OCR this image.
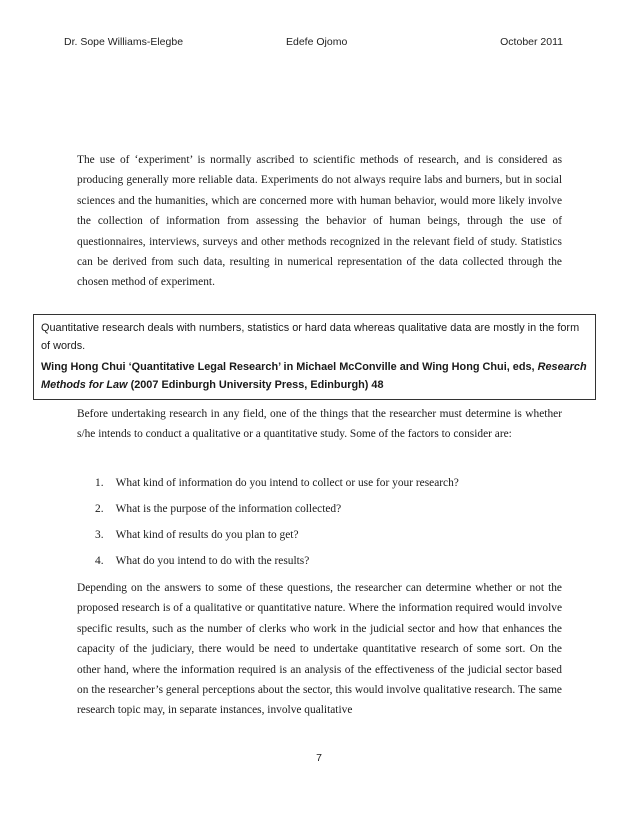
Dr. Sope Williams-Elegbe	Edefe Ojomo	October 2011

The use of ‘experiment’ is normally ascribed to scientific methods of research, and is considered as producing generally more reliable data. Experiments do not always require labs and burners, but in social sciences and the humanities, which are concerned more with human behavior, would more likely involve the collection of information from assessing the behavior of human beings, through the use of questionnaires, interviews, surveys and other methods recognized in the relevant field of study. Statistics can be derived from such data, resulting in numerical representation of the data collected through the chosen method of experiment.

Quantitative research deals with numbers, statistics or hard data whereas qualitative data are mostly in the form of words.

Wing Hong Chui ‘Quantitative Legal Research’ in Michael McConville and Wing Hong Chui, eds, Research Methods for Law (2007 Edinburgh University Press, Edinburgh) 48

Before undertaking research in any field, one of the things that the researcher must determine is whether s/he intends to conduct a qualitative or a quantitative study. Some of the factors to consider are:

1. What kind of information do you intend to collect or use for your research?
2. What is the purpose of the information collected?
3. What kind of results do you plan to get?
4. What do you intend to do with the results?

Depending on the answers to some of these questions, the researcher can determine whether or not the proposed research is of a qualitative or quantitative nature. Where the information required would involve specific results, such as the number of clerks who work in the judicial sector and how that enhances the capacity of the judiciary, there would be need to undertake quantitative research of some sort. On the other hand, where the information required is an analysis of the effectiveness of the judicial sector based on the researcher’s general perceptions about the sector, this would involve qualitative research. The same research topic may, in separate instances, involve qualitative

7
